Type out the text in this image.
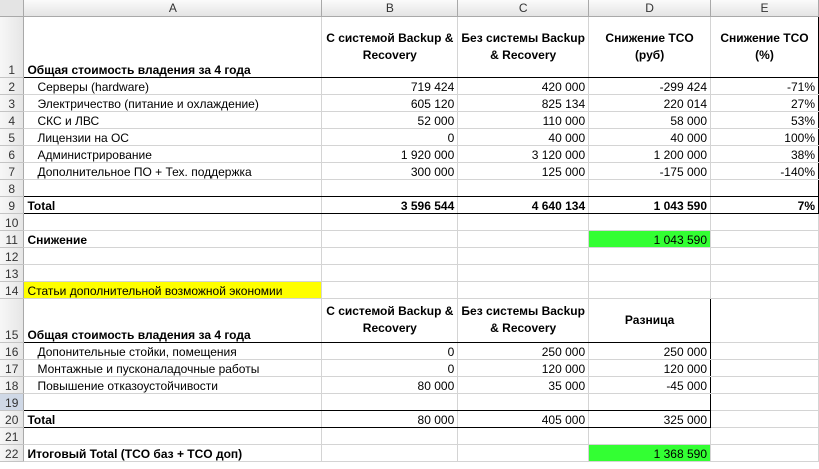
	A	B	C	D	E
1	Общая стоимость владения за 4 года	С системой Backup & Recovery	Без системы Backup & Recovery	Снижение TCO (руб)	Снижение TCO (%)
2	Серверы (hardware)	719 424	420 000	-299 424	-71%
3	Электричество (питание и охлаждение)	605 120	825 134	220 014	27%
4	СКС и ЛВС	52 000	110 000	58 000	53%
5	Лицензии на ОС	0	40 000	40 000	100%
6	Администрирование	1 920 000	3 120 000	1 200 000	38%
7	Дополнительное ПО + Тех. поддержка	300 000	125 000	-175 000	-140%
8					
9	Total	3 596 544	4 640 134	1 043 590	7%
10					
11	Снижение			1 043 590	
12					
13					
14	Статьи дополнительной возможной экономии				
15	Общая стоимость владения за 4 года	С системой Backup & Recovery	Без системы Backup & Recovery	Разница	
16	Допонительные стойки, помещения	0	250 000	250 000	
17	Монтажные и пусконаладочные работы	0	120 000	120 000	
18	Повышение отказоустойчивости	80 000	35 000	-45 000	
19					
20	Total	80 000	405 000	325 000	
21					
22	Итоговый Total (TCO баз + TCO доп)			1 368 590	
